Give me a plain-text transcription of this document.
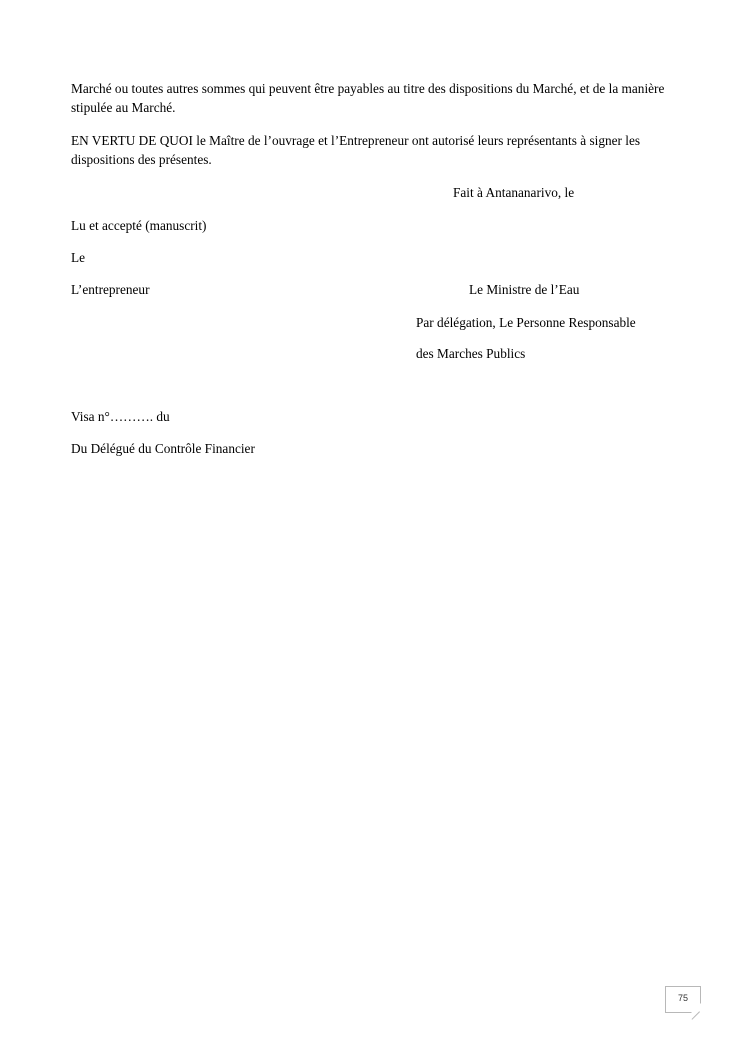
Marché ou toutes autres sommes qui peuvent être payables au titre des dispositions du Marché, et de la manière stipulée au Marché.

EN VERTU DE QUOI le Maître de l’ouvrage et l’Entrepreneur ont autorisé leurs représentants à signer les dispositions des présentes.

Fait à Antananarivo, le
Lu et accepté (manuscrit)
Le
L’entrepreneur	Le Ministre de l’Eau
Par délégation, Le Personne Responsable
des Marches Publics
Visa n°………. du
Du Délégué du Contrôle Financier
75
